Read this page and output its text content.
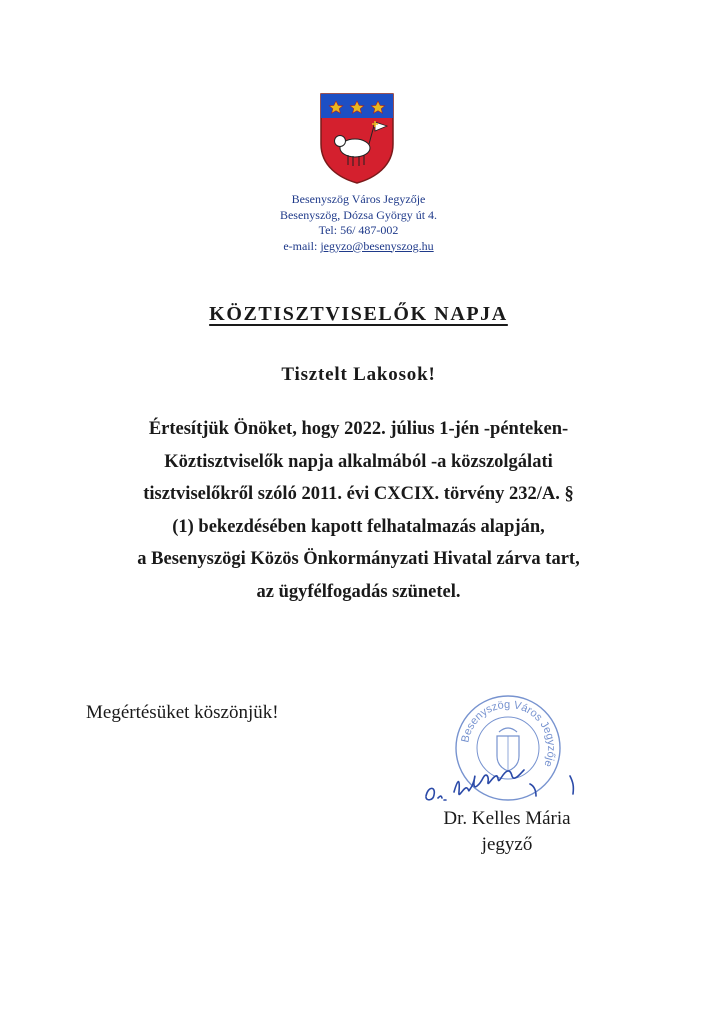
Besenyszög Város Jegyzője
Besenyszög, Dózsa György út 4.
Tel: 56/ 487-002
e-mail: jegyzo@besenyszog.hu
KÖZTISZTVISELŐK NAPJA
Tisztelt Lakosok!
Értesítjük Önöket, hogy 2022. július 1-jén -pénteken-
Köztisztviselők napja alkalmából -a közszolgálati
tisztviselőkről szóló 2011. évi CXCIX. törvény 232/A. §
(1) bekezdésében kapott felhatalmazás alapján,
a Besenyszögi Közös Önkormányzati Hivatal zárva tart,
az ügyfélfogadás szünetel.
Megértésüket köszönjük!
Besenyszög Város Jegyzője
Dr. Kelles Mária
jegyző
